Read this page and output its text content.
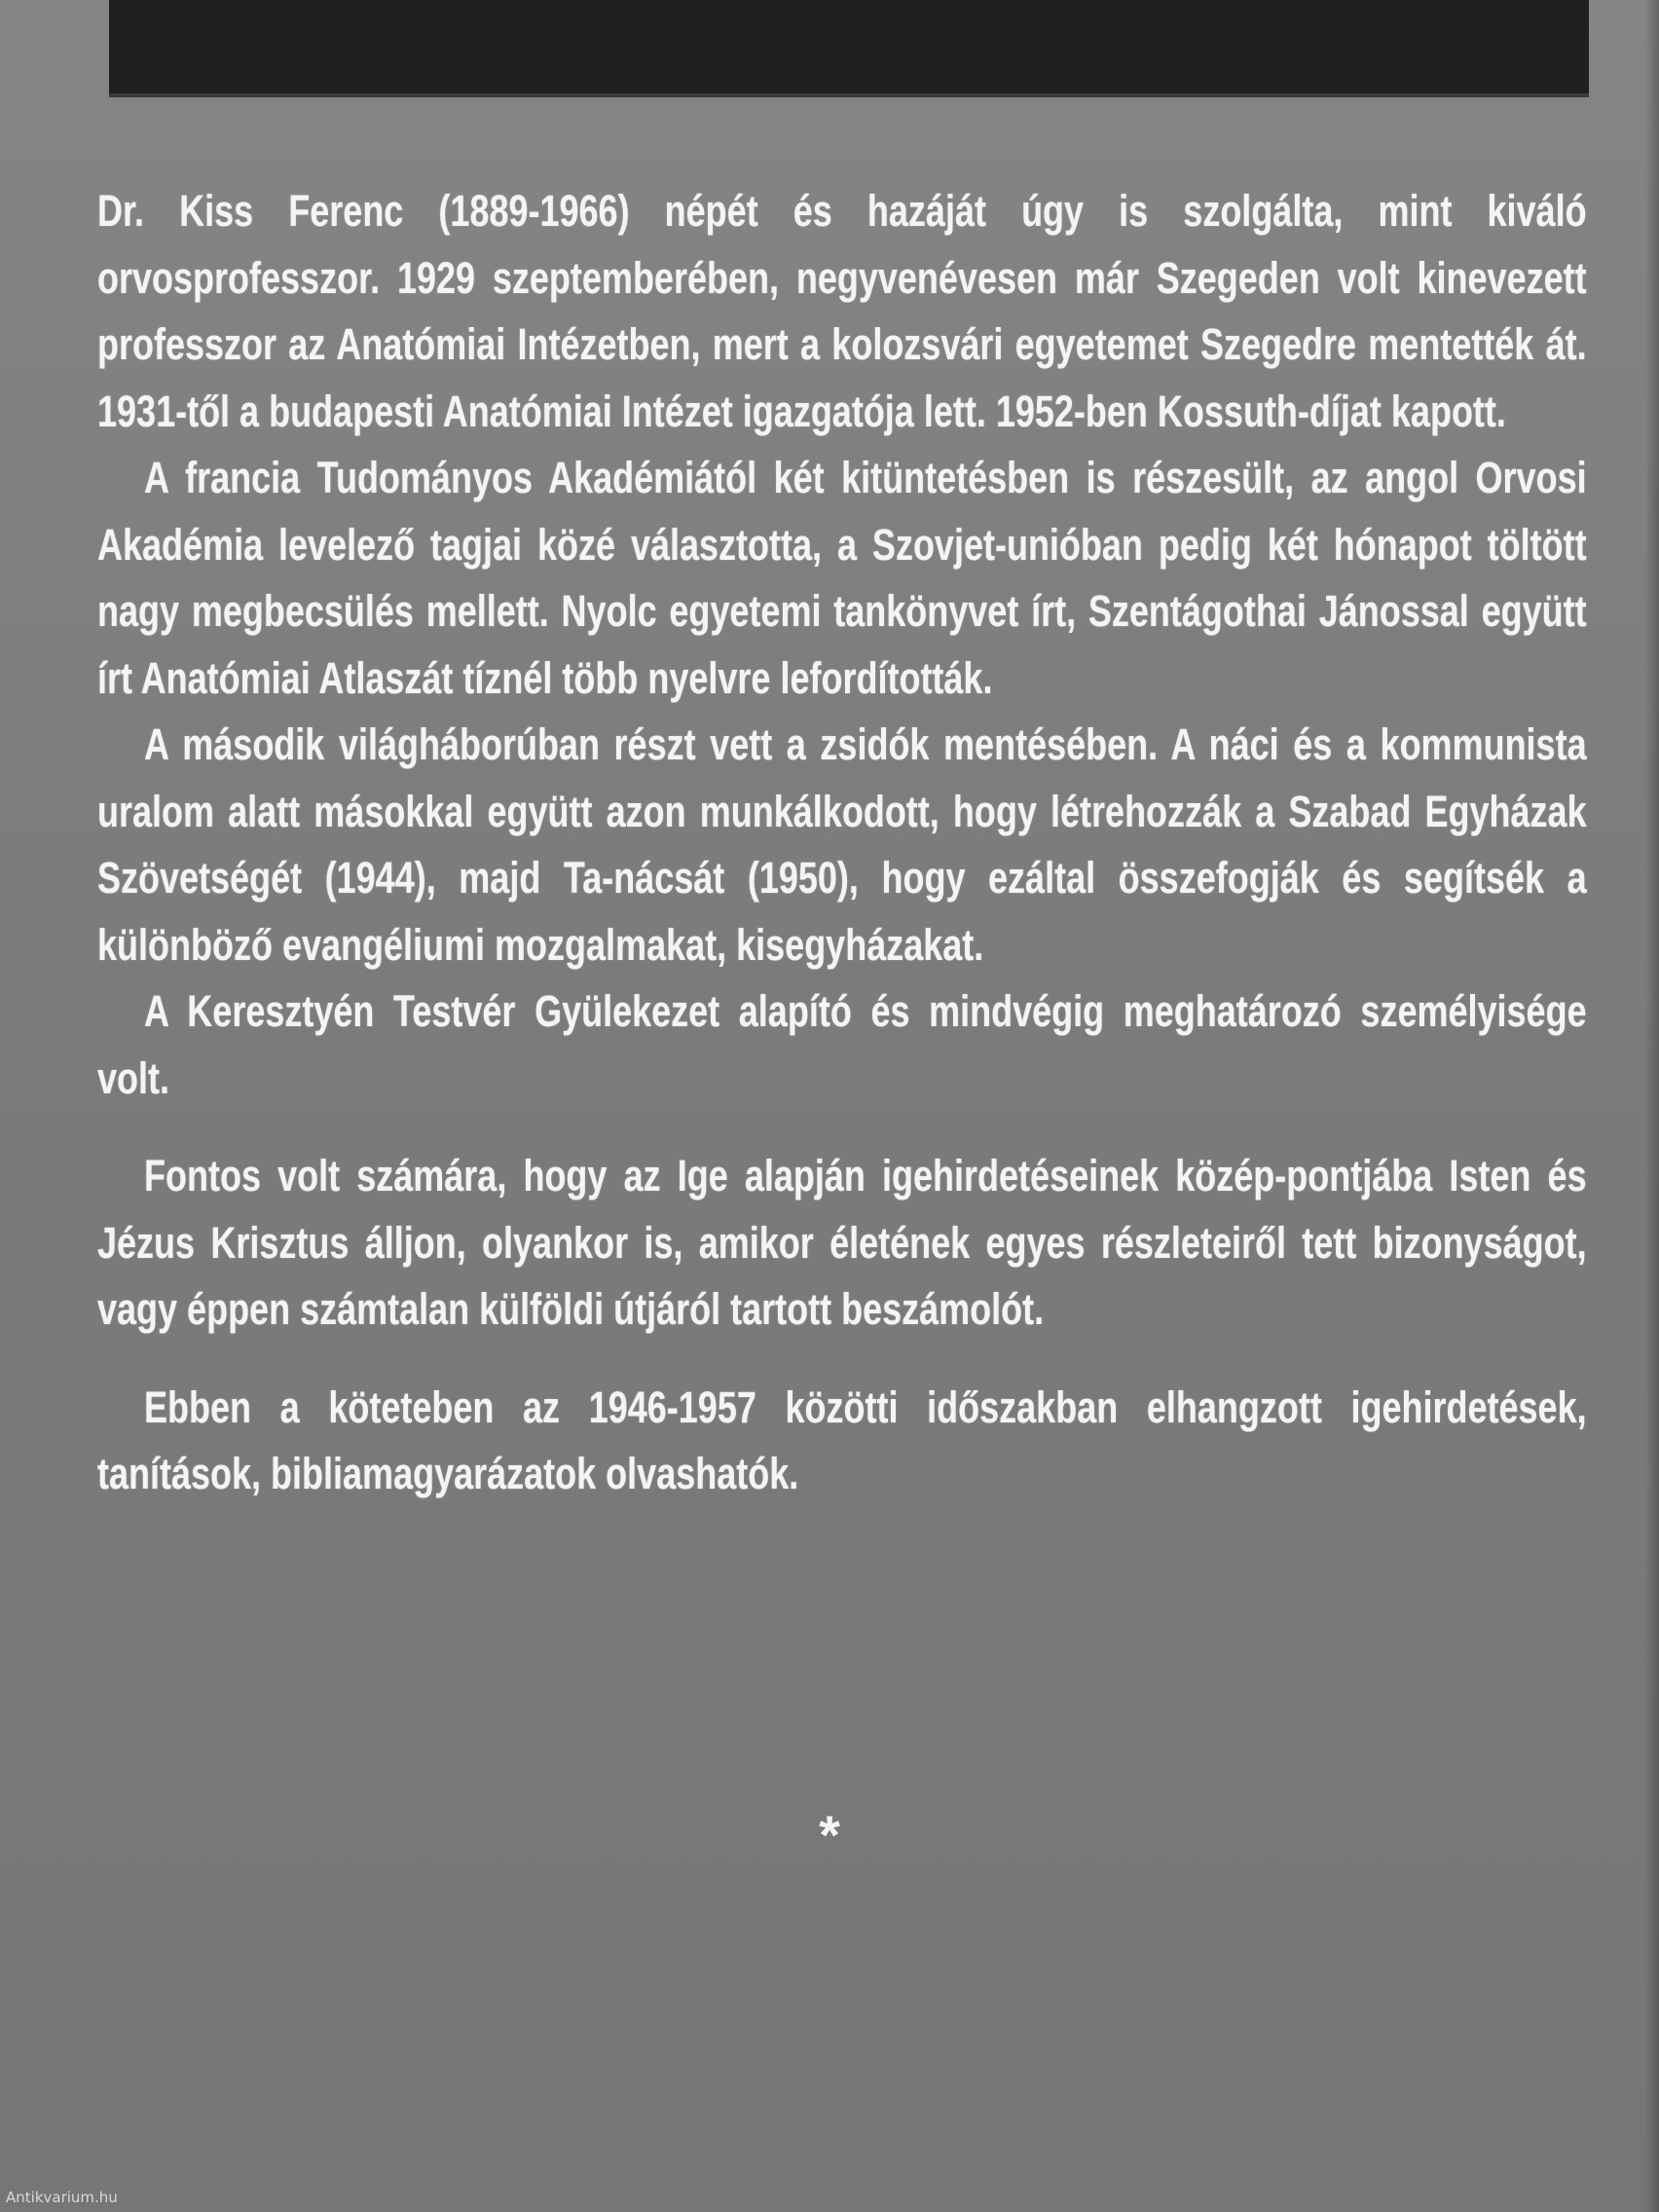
Dr. Kiss Ferenc (1889-1966) népét és hazáját úgy is szolgálta, mint kiváló orvosprofesszor. 1929 szeptemberében, negyvenévesen már Szegeden volt kinevezett professzor az Anatómiai Intézetben, mert a kolozsvári egyetemet Szegedre mentették át. 1931-től a budapesti Anatómiai Intézet igazgatója lett. 1952-ben Kossuth-díjat kapott.

A francia Tudományos Akadémiától két kitüntetésben is részesült, az angol Orvosi Akadémia levelező tagjai közé választotta, a Szovjet-unióban pedig két hónapot töltött nagy megbecsülés mellett. Nyolc egyetemi tankönyvet írt, Szentágothai Jánossal együtt írt Anatómiai Atlaszát tíznél több nyelvre lefordították.

A második világháborúban részt vett a zsidók mentésében. A náci és a kommunista uralom alatt másokkal együtt azon munkálkodott, hogy létrehozzák a Szabad Egyházak Szövetségét (1944), majd Ta-nácsát (1950), hogy ezáltal összefogják és segítsék a különböző evangéliumi mozgalmakat, kisegyházakat.

A Keresztyén Testvér Gyülekezet alapító és mindvégig meghatározó személyisége volt.

Fontos volt számára, hogy az Ige alapján igehirdetéseinek közép-pontjába Isten és Jézus Krisztus álljon, olyankor is, amikor életének egyes részleteiről tett bizonyságot, vagy éppen számtalan külföldi útjáról tartott beszámolót.

Ebben a köteteben az 1946-1957 közötti időszakban elhangzott igehirdetések, tanítások, bibliamagyarázatok olvashatók.

*
Antikvarium.hu
